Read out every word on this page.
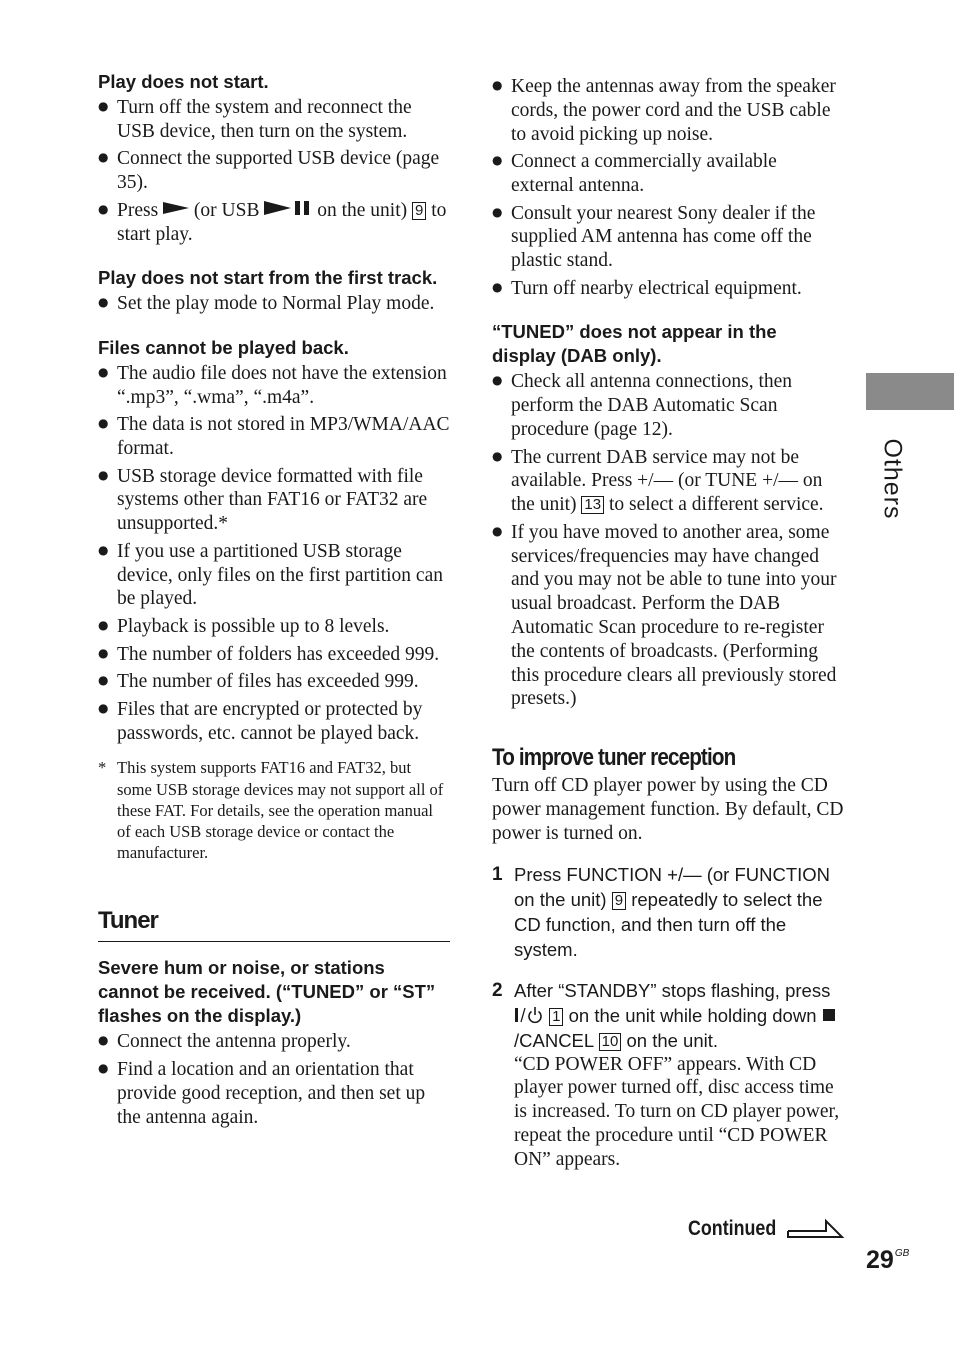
Play does not start.

● Turn off the system and reconnect the USB device, then turn on the system.
● Connect the supported USB device (page 35).
● Press (or USB	on the unit) 9 to start play.

Play does not start from the first track.

● Set the play mode to Normal Play mode.

Files cannot be played back.

● The audio file does not have the extension “.mp3”, “.wma”, “.m4a”.
● The data is not stored in MP3/WMA/AAC format.
● USB storage device formatted with file systems other than FAT16 or FAT32 are unsupported.*
● If you use a partitioned USB storage device, only files on the first partition can be played.
● Playback is possible up to 8 levels.
● The number of folders has exceeded 999.
● The number of files has exceeded 999.
● Files that are encrypted or protected by passwords, etc. cannot be played back.
* This system supports FAT16 and FAT32, but some USB storage devices may not support all of these FAT. For details, see the operation manual of each USB storage device or contact the manufacturer.

Tuner

Severe hum or noise, or stations cannot be received. (“TUNED” or “ST” flashes on the display.)

● Connect the antenna properly.
● Find a location and an orientation that provide good reception, and then set up the antenna again.
● Keep the antennas away from the speaker cords, the power cord and the USB cable to avoid picking up noise.
● Connect a commercially available external antenna.
● Consult your nearest Sony dealer if the supplied AM antenna has come off the plastic stand.
● Turn off nearby electrical equipment.

“TUNED” does not appear in the display (DAB only).

● Check all antenna connections, then perform the DAB Automatic Scan procedure (page 12).
● The current DAB service may not be available. Press +/— (or TUNE +/— on the unit) 13 to select a different service.
● If you have moved to another area, some services/frequencies may have changed and you may not be able to tune into your usual broadcast. Perform the DAB Automatic Scan procedure to re-register the contents of broadcasts. (Performing this procedure clears all previously stored presets.)

To improve tuner reception

Turn off CD player power by using the CD power management function. By default, CD power is turned on.

1 Press FUNCTION +/— (or FUNCTION on the unit) 9 repeatedly to select the CD function, and then turn off the system.
2 After “STANDBY” stops flashing, press  1 on the unit while holding down /CANCEL 10 on the unit.
“CD POWER OFF” appears. With CD player power turned off, disc access time is increased. To turn on CD player power, repeat the procedure until “CD POWER ON” appears.
Others
Continued
$29^{GB}$
